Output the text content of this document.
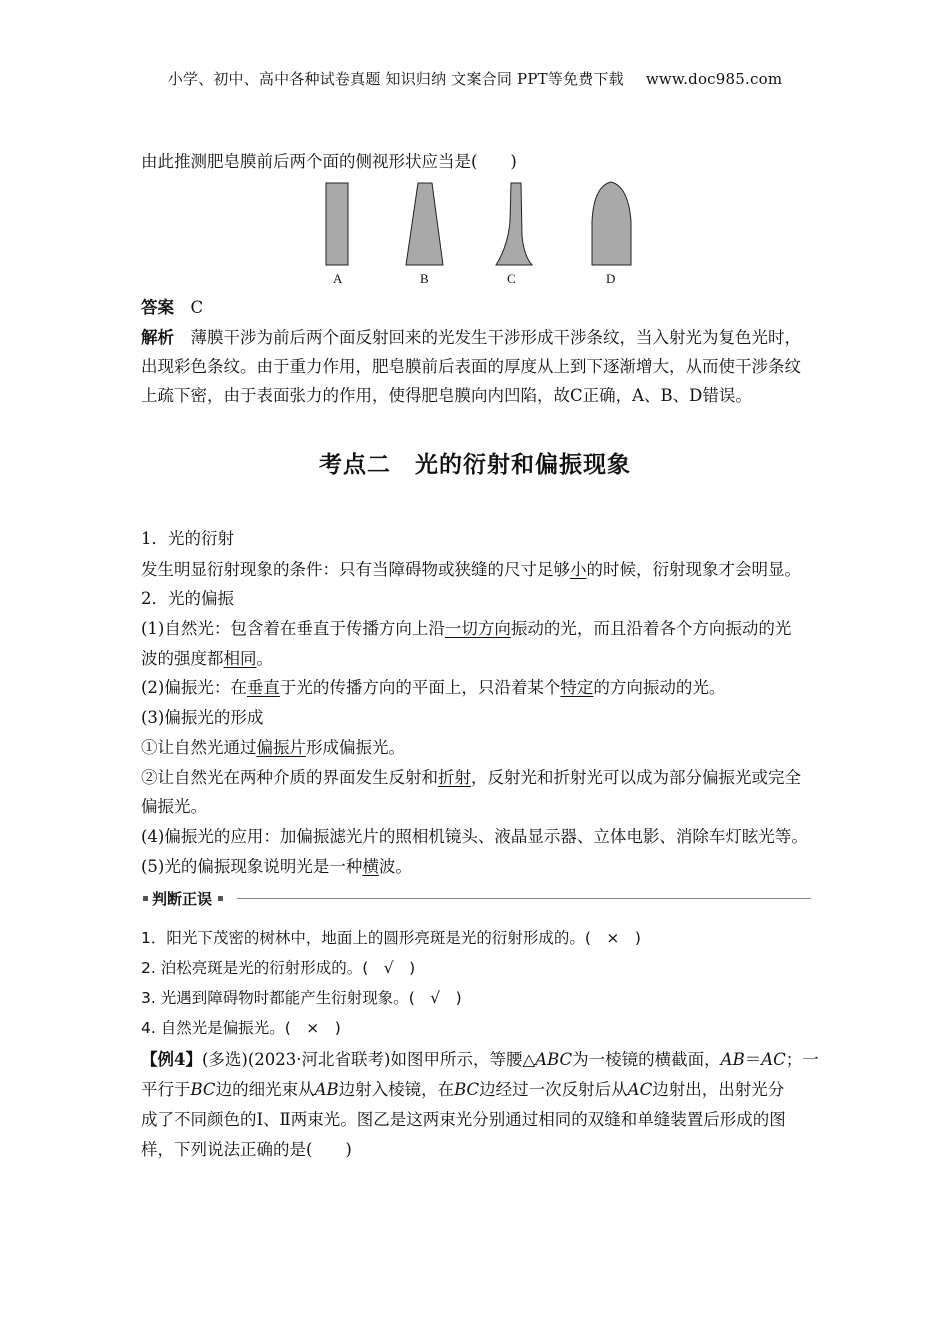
小学、初中、高中各种试卷真题 知识归纳 文案合同 PPT等免费下载 www.doc985.com
由此推测肥皂膜前后两个面的侧视形状应当是(　　)
A	B	C	D
答案　 C
解析　 薄膜干涉为前后两个面反射回来的光发生干涉形成干涉条纹，当入射光为复色光时，
出现彩色条纹。由于重力作用，肥皂膜前后表面的厚度从上到下逐渐增大，从而使干涉条纹
上疏下密，由于表面张力的作用，使得肥皂膜向内凹陷，故C正确，A、B、D错误。
考点二　光的衍射和偏振现象
1．光的衍射
发生明显衍射现象的条件：只有当障碍物或狭缝的尺寸足够小的时候，衍射现象才会明显。
2．光的偏振
(1)自然光：包含着在垂直于传播方向上沿一切方向振动的光，而且沿着各个方向振动的光
波的强度都相同。
(2)偏振光：在垂直于光的传播方向的平面上，只沿着某个特定的方向振动的光。
(3)偏振光的形成
①让自然光通过偏振片形成偏振光。
②让自然光在两种介质的界面发生反射和折射，反射光和折射光可以成为部分偏振光或完全
偏振光。
(4)偏振光的应用：加偏振滤光片的照相机镜头、液晶显示器、立体电影、消除车灯眩光等。
(5)光的偏振现象说明光是一种横波。
判断正误
1．阳光下茂密的树林中，地面上的圆形亮斑是光的衍射形成的。(　×　)
2. 泊松亮斑是光的衍射形成的。(　√　)
3. 光遇到障碍物时都能产生衍射现象。(　√　)
4. 自然光是偏振光。(　×　)
【例4】(多选)(2023·河北省联考)如图甲所示，等腰△ABC为一棱镜的横截面，AB＝AC；一
平行于BC边的细光束从AB边射入棱镜，在BC边经过一次反射后从AC边射出，出射光分
成了不同颜色的Ⅰ、Ⅱ两束光。图乙是这两束光分别通过相同的双缝和单缝装置后形成的图
样，下列说法正确的是(　　)
